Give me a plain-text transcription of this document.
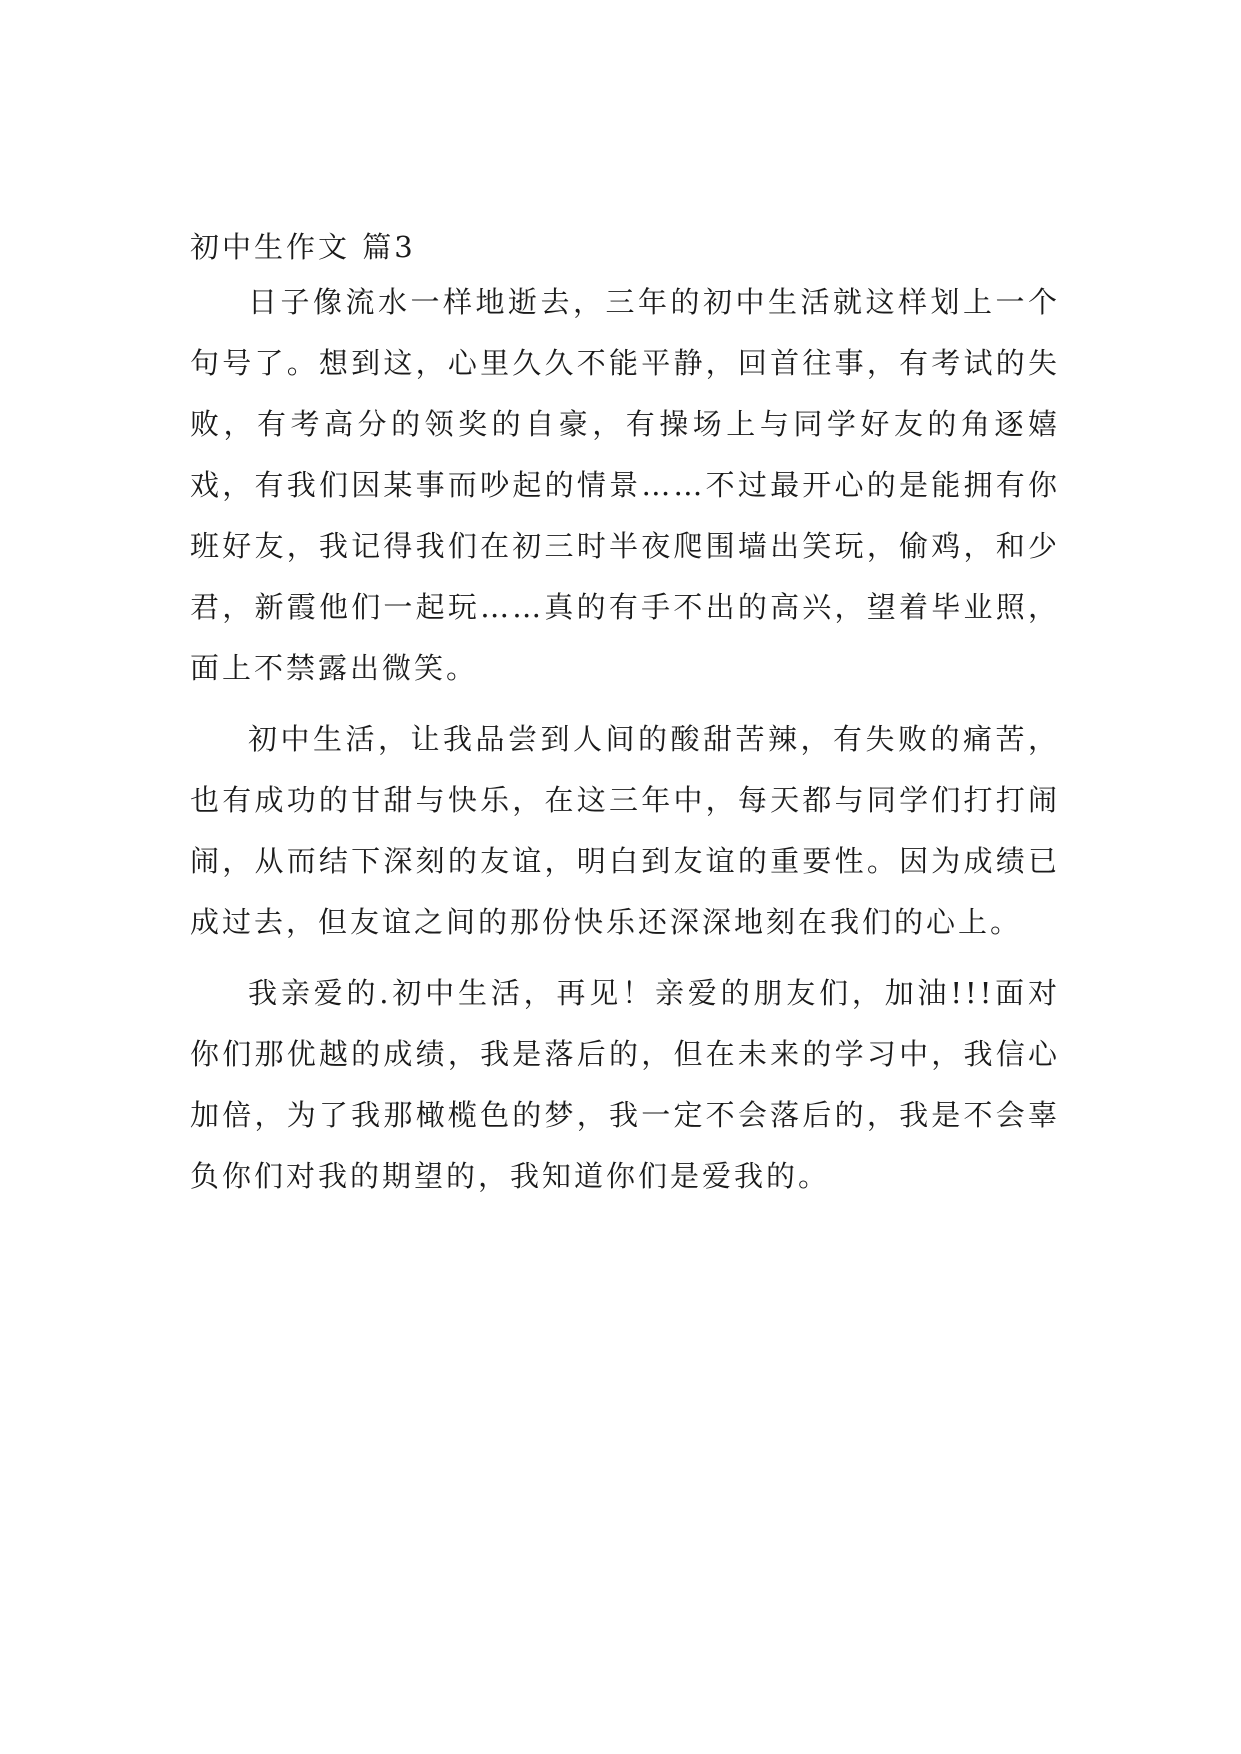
初中生作文 篇3

日子像流水一样地逝去，三年的初中生活就这样划上一个句号了。想到这，心里久久不能平静，回首往事，有考试的失败，有考高分的领奖的自豪，有操场上与同学好友的角逐嬉戏，有我们因某事而吵起的情景……不过最开心的是能拥有你班好友，我记得我们在初三时半夜爬围墙出笑玩，偷鸡，和少君，新霞他们一起玩……真的有手不出的高兴，望着毕业照，面上不禁露出微笑。

初中生活，让我品尝到人间的酸甜苦辣，有失败的痛苦，也有成功的甘甜与快乐，在这三年中，每天都与同学们打打闹闹，从而结下深刻的友谊，明白到友谊的重要性。因为成绩已成过去，但友谊之间的那份快乐还深深地刻在我们的心上。

我亲爱的.初中生活，再见！亲爱的朋友们，加油!!!面对你们那优越的成绩，我是落后的，但在未来的学习中，我信心加倍，为了我那橄榄色的梦，我一定不会落后的，我是不会辜负你们对我的期望的，我知道你们是爱我的。
